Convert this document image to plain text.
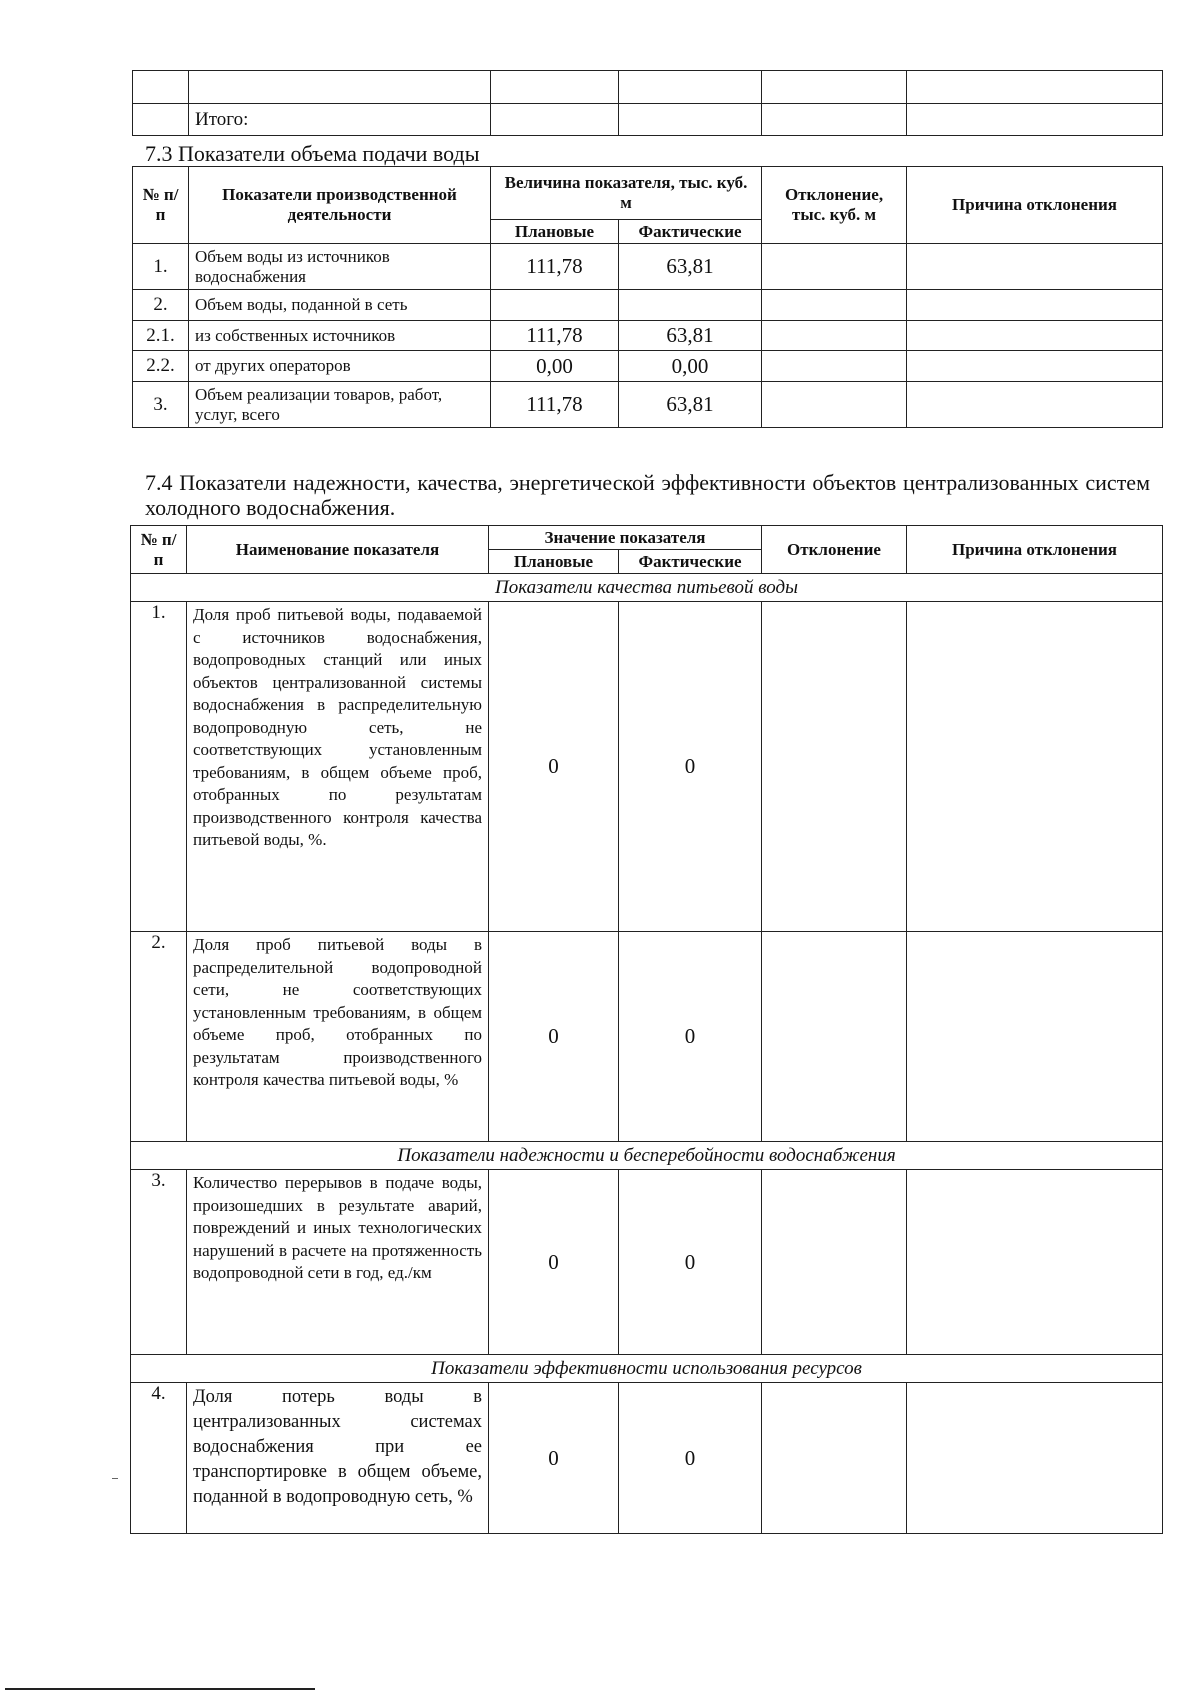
	Итого:				
7.3 Показатели объема подачи воды
№ п/п	Показатели производственной деятельности	Величина показателя, тыс. куб. м		Отклонение, тыс. куб. м	Причина отклонения
		Плановые	Фактические		
1.	Объем воды из источников водоснабжения	111,78	63,81		
2.	Объем воды, поданной в сеть				
2.1.	из собственных источников	111,78	63,81		
2.2.	от других операторов	0,00	0,00		
3.	Объем реализации товаров, работ, услуг, всего	111,78	63,81		
7.4 Показатели надежности, качества, энергетической эффективности объектов централизованных систем холодного водоснабжения.
№ п/п	Наименование показателя	Значение показателя		Отклонение	Причина отклонения
		Плановые	Фактические		
Показатели качества питьевой воды					
1.	Доля проб питьевой воды, подаваемой с источников водоснабжения, водопроводных станций или иных объектов централизованной системы водоснабжения в распределительную водопроводную сеть, не соответствующих установленным требованиям, в общем объеме проб, отобранных по результатам производственного контроля качества питьевой воды, %.	0	0		
2.	Доля проб питьевой воды в распределительной водопроводной сети, не соответствующих установленным требованиям, в общем объеме проб, отобранных по результатам производственного контроля качества питьевой воды, %	0	0		
Показатели надежности и бесперебойности водоснабжения					
3.	Количество перерывов в подаче воды, произошедших в результате аварий, повреждений и иных технологических нарушений в расчете на протяженность водопроводной сети в год, ед./км	0	0		
Показатели эффективности использования ресурсов					
4.	Доля потерь воды в централизованных системах водоснабжения при ее транспортировке в общем объеме, поданной в водопроводную сеть, %	0	0		
